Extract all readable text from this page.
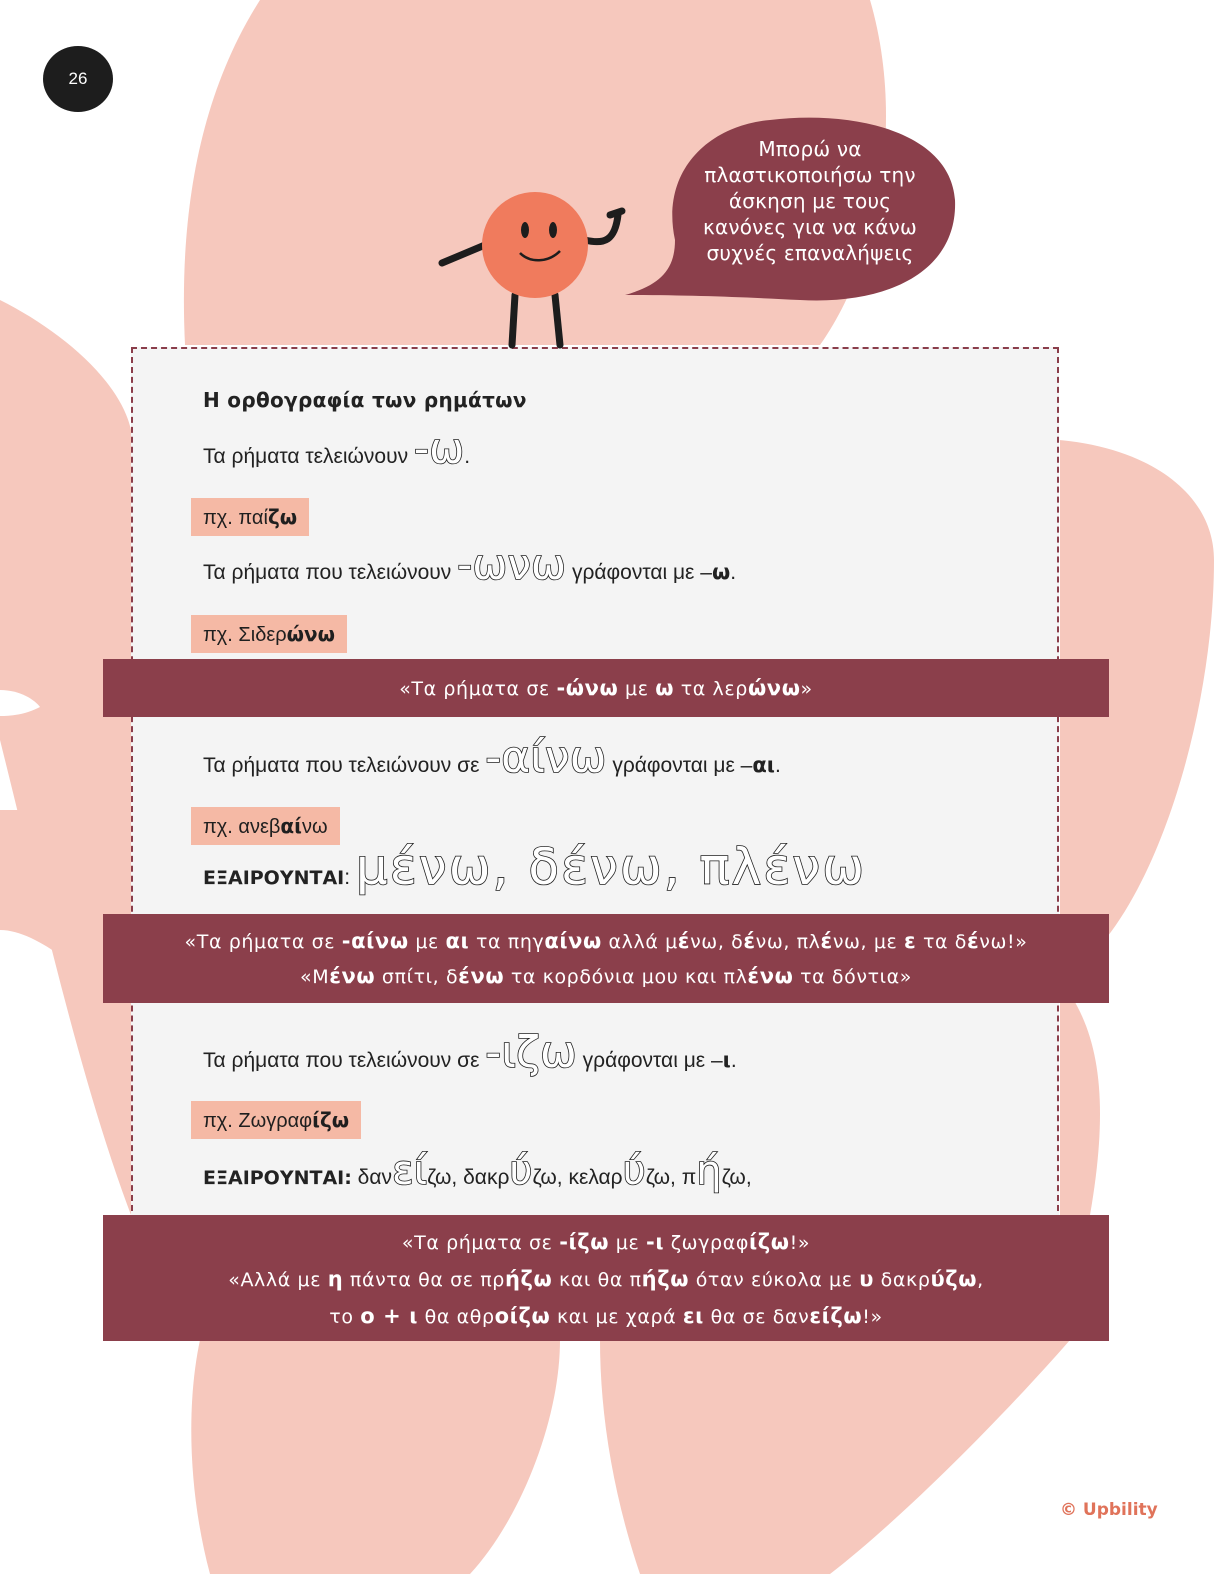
26
Μπορώ να
πλαστικοποιήσω την
άσκηση με τους
κανόνες για να κάνω
συχνές επαναλήψεις
Η ορθογραφία των ρημάτων
Τα ρήματα τελειώνουν -ω.
πχ. παίζω
Τα ρήματα που τελειώνουν -ωνω γράφονται με –ω.
πχ. Σιδερώνω
«Τα ρήματα σε -ώνω με ω τα λερώνω»
Τα ρήματα που τελειώνουν σε -αίνω γράφονται με –αι.
πχ. ανεβαίνω
ΕΞΑΙΡΟΥΝΤΑΙ: μένω, δένω, πλένω
«Τα ρήματα σε -αίνω με αι τα πηγαίνω αλλά μένω, δένω, πλένω, με ε τα δένω!»
«Μένω σπίτι, δένω τα κορδόνια μου και πλένω τα δόντια»
Τα ρήματα που τελειώνουν σε -ιζω γράφονται με –ι.
πχ. Ζωγραφίζω
ΕΞΑΙΡΟΥΝΤΑΙ: δανείζω, δακρύζω, κελαρύζω, πήζω,
«Τα ρήματα σε -ίζω με -ι ζωγραφίζω!»
«Αλλά με η πάντα θα σε πρήζω και θα πήζω όταν εύκολα με υ δακρύζω,
το ο + ι θα αθροίζω και με χαρά ει θα σε δανείζω!»
© Upbility
